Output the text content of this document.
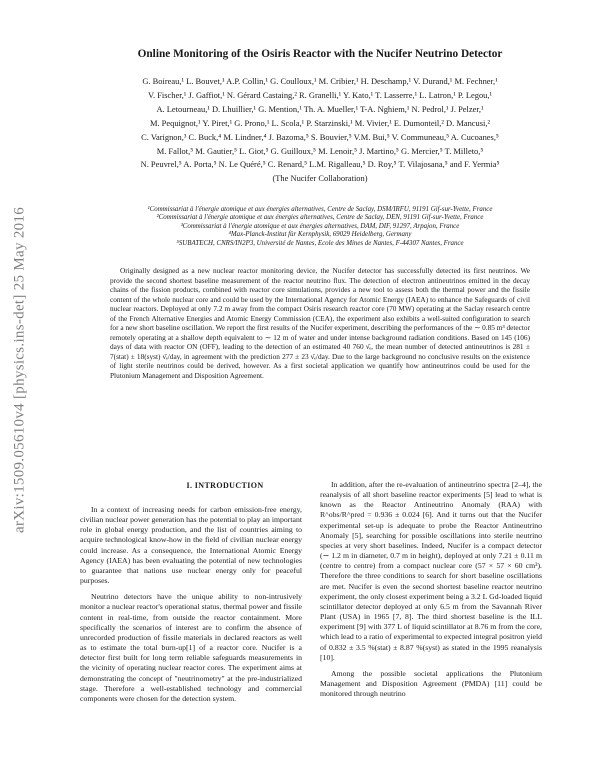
arXiv:1509.05610v4 [physics.ins-det] 25 May 2016
Online Monitoring of the Osiris Reactor with the Nucifer Neutrino Detector
G. Boireau,¹ L. Bouvet,¹ A.P. Collin,¹ G. Coulloux,¹ M. Cribier,¹ H. Deschamp,¹ V. Durand,¹ M. Fechner,¹
V. Fischer,¹ J. Gaffiot,¹ N. Gérard Castaing,² R. Granelli,¹ Y. Kato,¹ T. Lasserre,¹ L. Latron,¹ P. Legou,¹
A. Letourneau,¹ D. Lhuillier,¹ G. Mention,¹ Th. A. Mueller,¹ T-A. Nghiem,¹ N. Pedrol,¹ J. Pelzer,¹
M. Pequignot,¹ Y. Piret,¹ G. Prono,¹ L. Scola,¹ P. Starzinski,¹ M. Vivier,¹ E. Dumonteil,² D. Mancusi,²
C. Varignon,³ C. Buck,⁴ M. Lindner,⁴ J. Bazoma,⁵ S. Bouvier,⁵ V.M. Bui,⁵ V. Communeau,⁵ A. Cucoanes,⁵
M. Fallot,⁵ M. Gautier,⁵ L. Giot,⁵ G. Guilloux,⁵ M. Lenoir,⁵ J. Martino,⁵ G. Mercier,⁵ T. Milleto,⁵
N. Peuvrel,⁵ A. Porta,⁵ N. Le Quéré,⁵ C. Renard,⁵ L.M. Rigalleau,⁵ D. Roy,⁵ T. Vilajosana,⁵ and F. Yermia⁵
(The Nucifer Collaboration)
¹Commissariat à l'énergie atomique et aux énergies alternatives, Centre de Saclay, DSM/IRFU, 91191 Gif-sur-Yvette, France
²Commissariat à l'énergie atomique et aux énergies alternatives, Centre de Saclay, DEN, 91191 Gif-sur-Yvette, France
³Commissariat à l'énergie atomique et aux énergies alternatives, DAM, DIF, 91297, Arpajon, France
⁴Max-Planck-Institut für Kernphysik, 69029 Heidelberg, Germany
⁵SUBATECH, CNRS/IN2P3, Université de Nantes, Ecole des Mines de Nantes, F-44307 Nantes, France
Originally designed as a new nuclear reactor monitoring device, the Nucifer detector has successfully detected its first neutrinos. We provide the second shortest baseline measurement of the reactor neutrino flux. The detection of electron antineutrinos emitted in the decay chains of the fission products, combined with reactor core simulations, provides a new tool to assess both the thermal power and the fissile content of the whole nuclear core and could be used by the International Agency for Atomic Energy (IAEA) to enhance the Safeguards of civil nuclear reactors. Deployed at only 7.2 m away from the compact Osiris research reactor core (70 MW) operating at the Saclay research centre of the French Alternative Energies and Atomic Energy Commission (CEA), the experiment also exhibits a well-suited configuration to search for a new short baseline oscillation. We report the first results of the Nucifer experiment, describing the performances of the ∼ 0.85 m³ detector remotely operating at a shallow depth equivalent to ∼ 12 m of water and under intense background radiation conditions. Based on 145 (106) days of data with reactor ON (OFF), leading to the detection of an estimated 40 760 ν̄ₑ, the mean number of detected antineutrinos is 281 ± 7(stat) ± 18(syst) ν̄ₑ/day, in agreement with the prediction 277 ± 23 ν̄ₑ/day. Due to the large background no conclusive results on the existence of light sterile neutrinos could be derived, however. As a first societal application we quantify how antineutrinos could be used for the Plutonium Management and Disposition Agreement.
I. INTRODUCTION

In a context of increasing needs for carbon emission-free energy, civilian nuclear power generation has the potential to play an important role in global energy production, and the list of countries aiming to acquire technological know-how in the field of civilian nuclear energy could increase. As a consequence, the International Atomic Energy Agency (IAEA) has been evaluating the potential of new technologies to guarantee that nations use nuclear energy only for peaceful purposes.

Neutrino detectors have the unique ability to non-intrusively monitor a nuclear reactor's operational status, thermal power and fissile content in real-time, from outside the reactor containment. More specifically the scenarios of interest are to confirm the absence of unrecorded production of fissile materials in declared reactors as well as to estimate the total burn-up[1] of a reactor core. Nucifer is a detector first built for long term reliable safeguards measurements in the vicinity of operating nuclear reactor cores. The experiment aims at demonstrating the concept of "neutrinometry" at the pre-industrialized stage. Therefore a well-established technology and commercial components were chosen for the detection system.

In addition, after the re-evaluation of antineutrino spectra [2–4], the reanalysis of all short baseline reactor experiments [5] lead to what is known as the Reactor Antineutrino Anomaly (RAA) with R^obs/R^pred = 0.936 ± 0.024 [6]. And it turns out that the Nucifer experimental set-up is adequate to probe the Reactor Antineutrino Anomaly [5], searching for possible oscillations into sterile neutrino species at very short baselines. Indeed, Nucifer is a compact detector (∼ 1.2 m in diameter, 0.7 m in height), deployed at only 7.21 ± 0.11 m (centre to centre) from a compact nuclear core (57 × 57 × 60 cm³). Therefore the three conditions to search for short baseline oscillations are met. Nucifer is even the second shortest baseline reactor neutrino experiment, the only closest experiment being a 3.2 L Gd-loaded liquid scintillator detector deployed at only 6.5 m from the Savannah River Plant (USA) in 1965 [7, 8]. The third shortest baseline is the ILL experiment [9] with 377 L of liquid scintillator at 8.76 m from the core, which lead to a ratio of experimental to expected integral positron yield of 0.832 ± 3.5 %(stat) ± 8.87 %(syst) as stated in the 1995 reanalysis [10].

Among the possible societal applications the Plutonium Management and Disposition Agreement (PMDA) [11] could be monitored through neutrino
